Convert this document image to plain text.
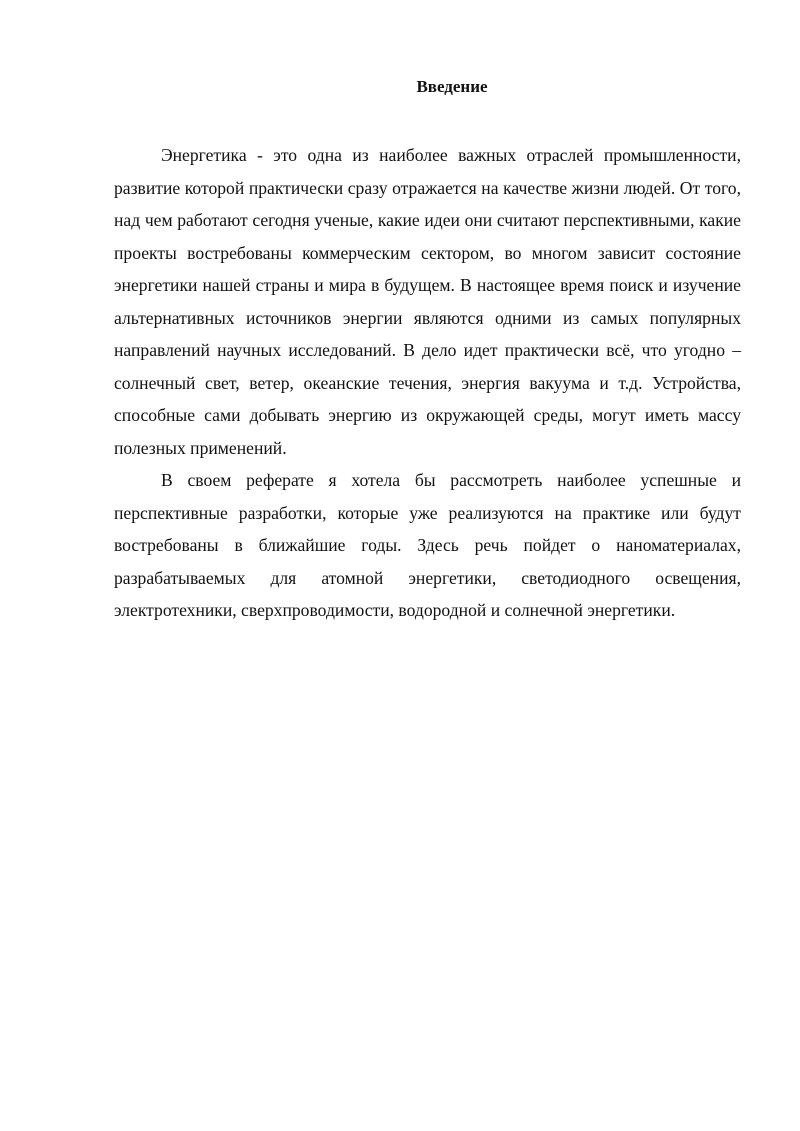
Введение

Энергетика - это одна из наиболее важных отраслей промышленности, развитие которой практически сразу отражается на качестве жизни людей. От того, над чем работают сегодня ученые, какие идеи они считают перспективными, какие проекты востребованы коммерческим сектором, во многом зависит состояние энергетики нашей страны и мира в будущем. В настоящее время поиск и изучение альтернативных источников энергии являются одними из самых популярных направлений научных исследований. В дело идет практически всё, что угодно – солнечный свет, ветер, океанские течения, энергия вакуума и т.д. Устройства, способные сами добывать энергию из окружающей среды, могут иметь массу полезных применений.

В своем реферате я хотела бы рассмотреть наиболее успешные и перспективные разработки, которые уже реализуются на практике или будут востребованы в ближайшие годы. Здесь речь пойдет о наноматериалах, разрабатываемых для атомной энергетики, светодиодного освещения, электротехники, сверхпроводимости, водородной и солнечной энергетики.
